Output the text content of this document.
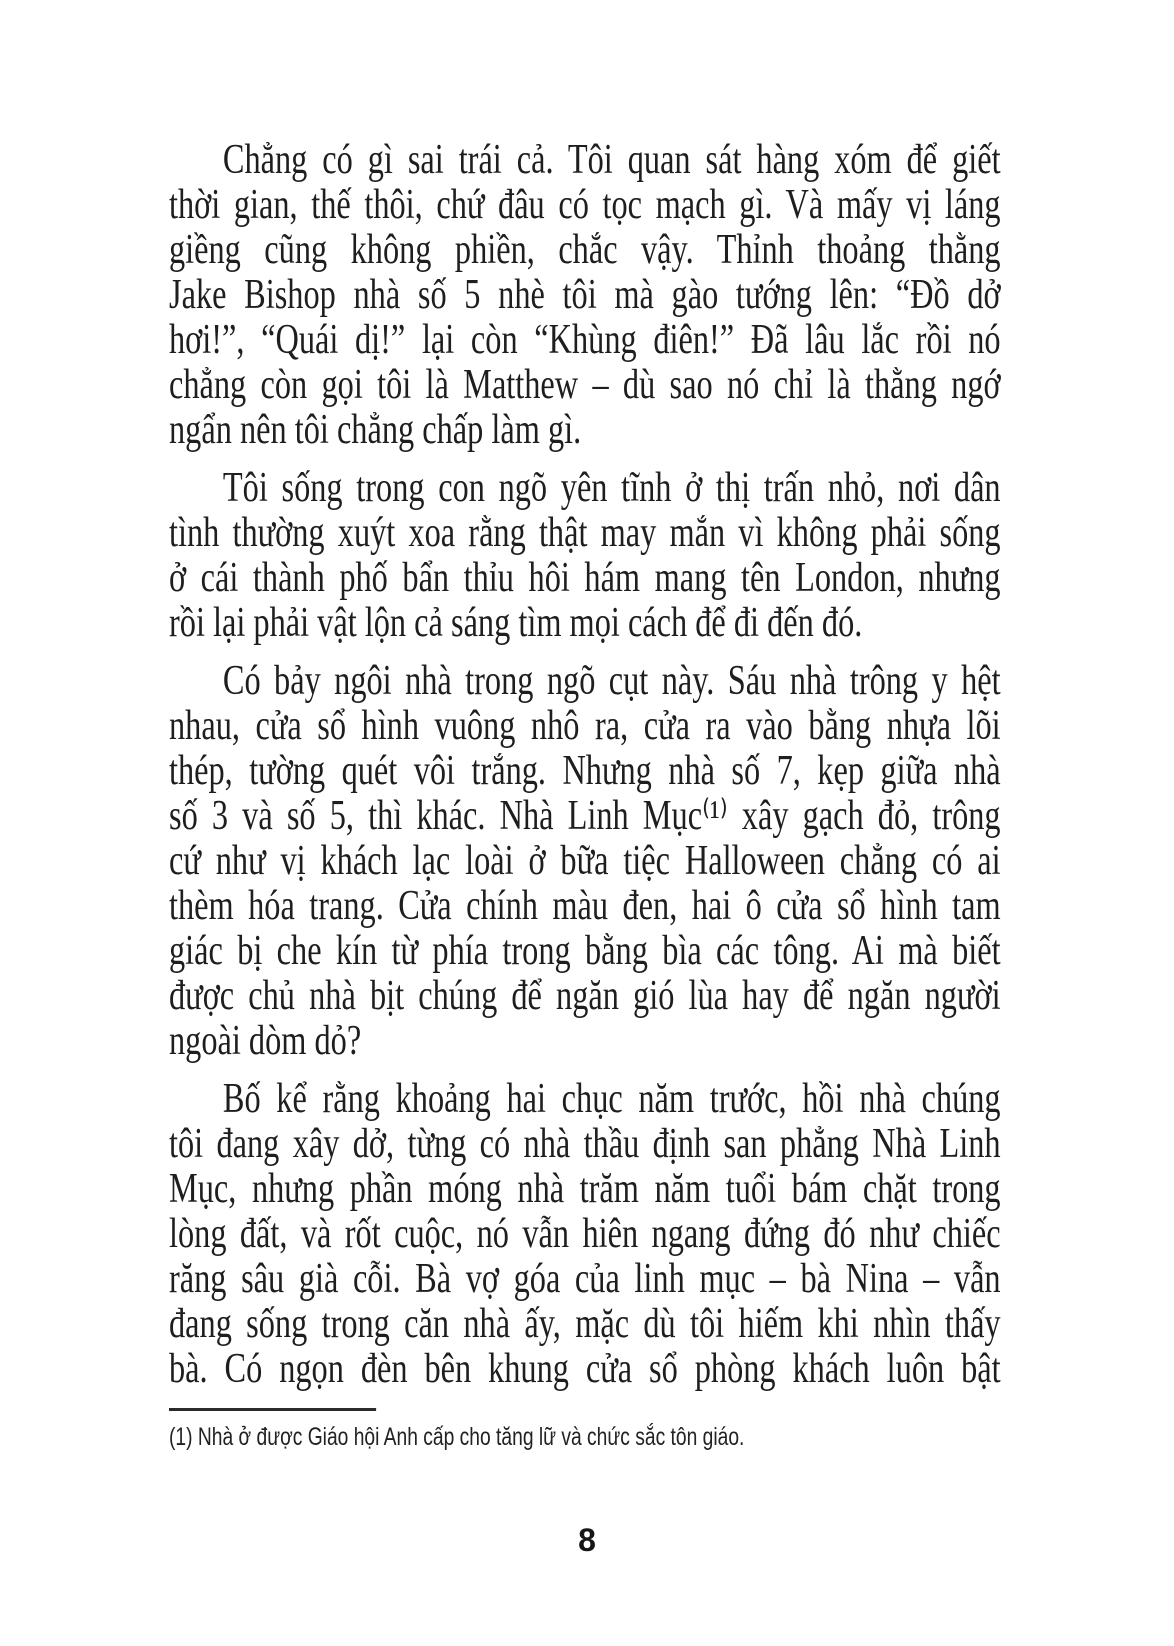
Chẳng có gì sai trái cả. Tôi quan sát hàng xóm để giết
thời gian, thế thôi, chứ đâu có tọc mạch gì. Và mấy vị láng
giềng cũng không phiền, chắc vậy. Thỉnh thoảng thằng
Jake Bishop nhà số 5 nhè tôi mà gào tướng lên: “Đồ dở
hơi!”, “Quái dị!” lại còn “Khùng điên!” Đã lâu lắc rồi nó
chẳng còn gọi tôi là Matthew – dù sao nó chỉ là thằng ngớ
ngẩn nên tôi chẳng chấp làm gì.
Tôi sống trong con ngõ yên tĩnh ở thị trấn nhỏ, nơi dân
tình thường xuýt xoa rằng thật may mắn vì không phải sống
ở cái thành phố bẩn thỉu hôi hám mang tên London, nhưng
rồi lại phải vật lộn cả sáng tìm mọi cách để đi đến đó.
Có bảy ngôi nhà trong ngõ cụt này. Sáu nhà trông y hệt
nhau, cửa sổ hình vuông nhô ra, cửa ra vào bằng nhựa lõi
thép, tường quét vôi trắng. Nhưng nhà số 7, kẹp giữa nhà
số 3 và số 5, thì khác. Nhà Linh Mục⁽¹⁾ xây gạch đỏ, trông
cứ như vị khách lạc loài ở bữa tiệc Halloween chẳng có ai
thèm hóa trang. Cửa chính màu đen, hai ô cửa sổ hình tam
giác bị che kín từ phía trong bằng bìa các tông. Ai mà biết
được chủ nhà bịt chúng để ngăn gió lùa hay để ngăn người
ngoài dòm dỏ?
Bố kể rằng khoảng hai chục năm trước, hồi nhà chúng
tôi đang xây dở, từng có nhà thầu định san phẳng Nhà Linh
Mục, nhưng phần móng nhà trăm năm tuổi bám chặt trong
lòng đất, và rốt cuộc, nó vẫn hiên ngang đứng đó như chiếc
răng sâu già cỗi. Bà vợ góa của linh mục – bà Nina – vẫn
đang sống trong căn nhà ấy, mặc dù tôi hiếm khi nhìn thấy
bà. Có ngọn đèn bên khung cửa sổ phòng khách luôn bật
(1) Nhà ở được Giáo hội Anh cấp cho tăng lữ và chức sắc tôn giáo.
8
